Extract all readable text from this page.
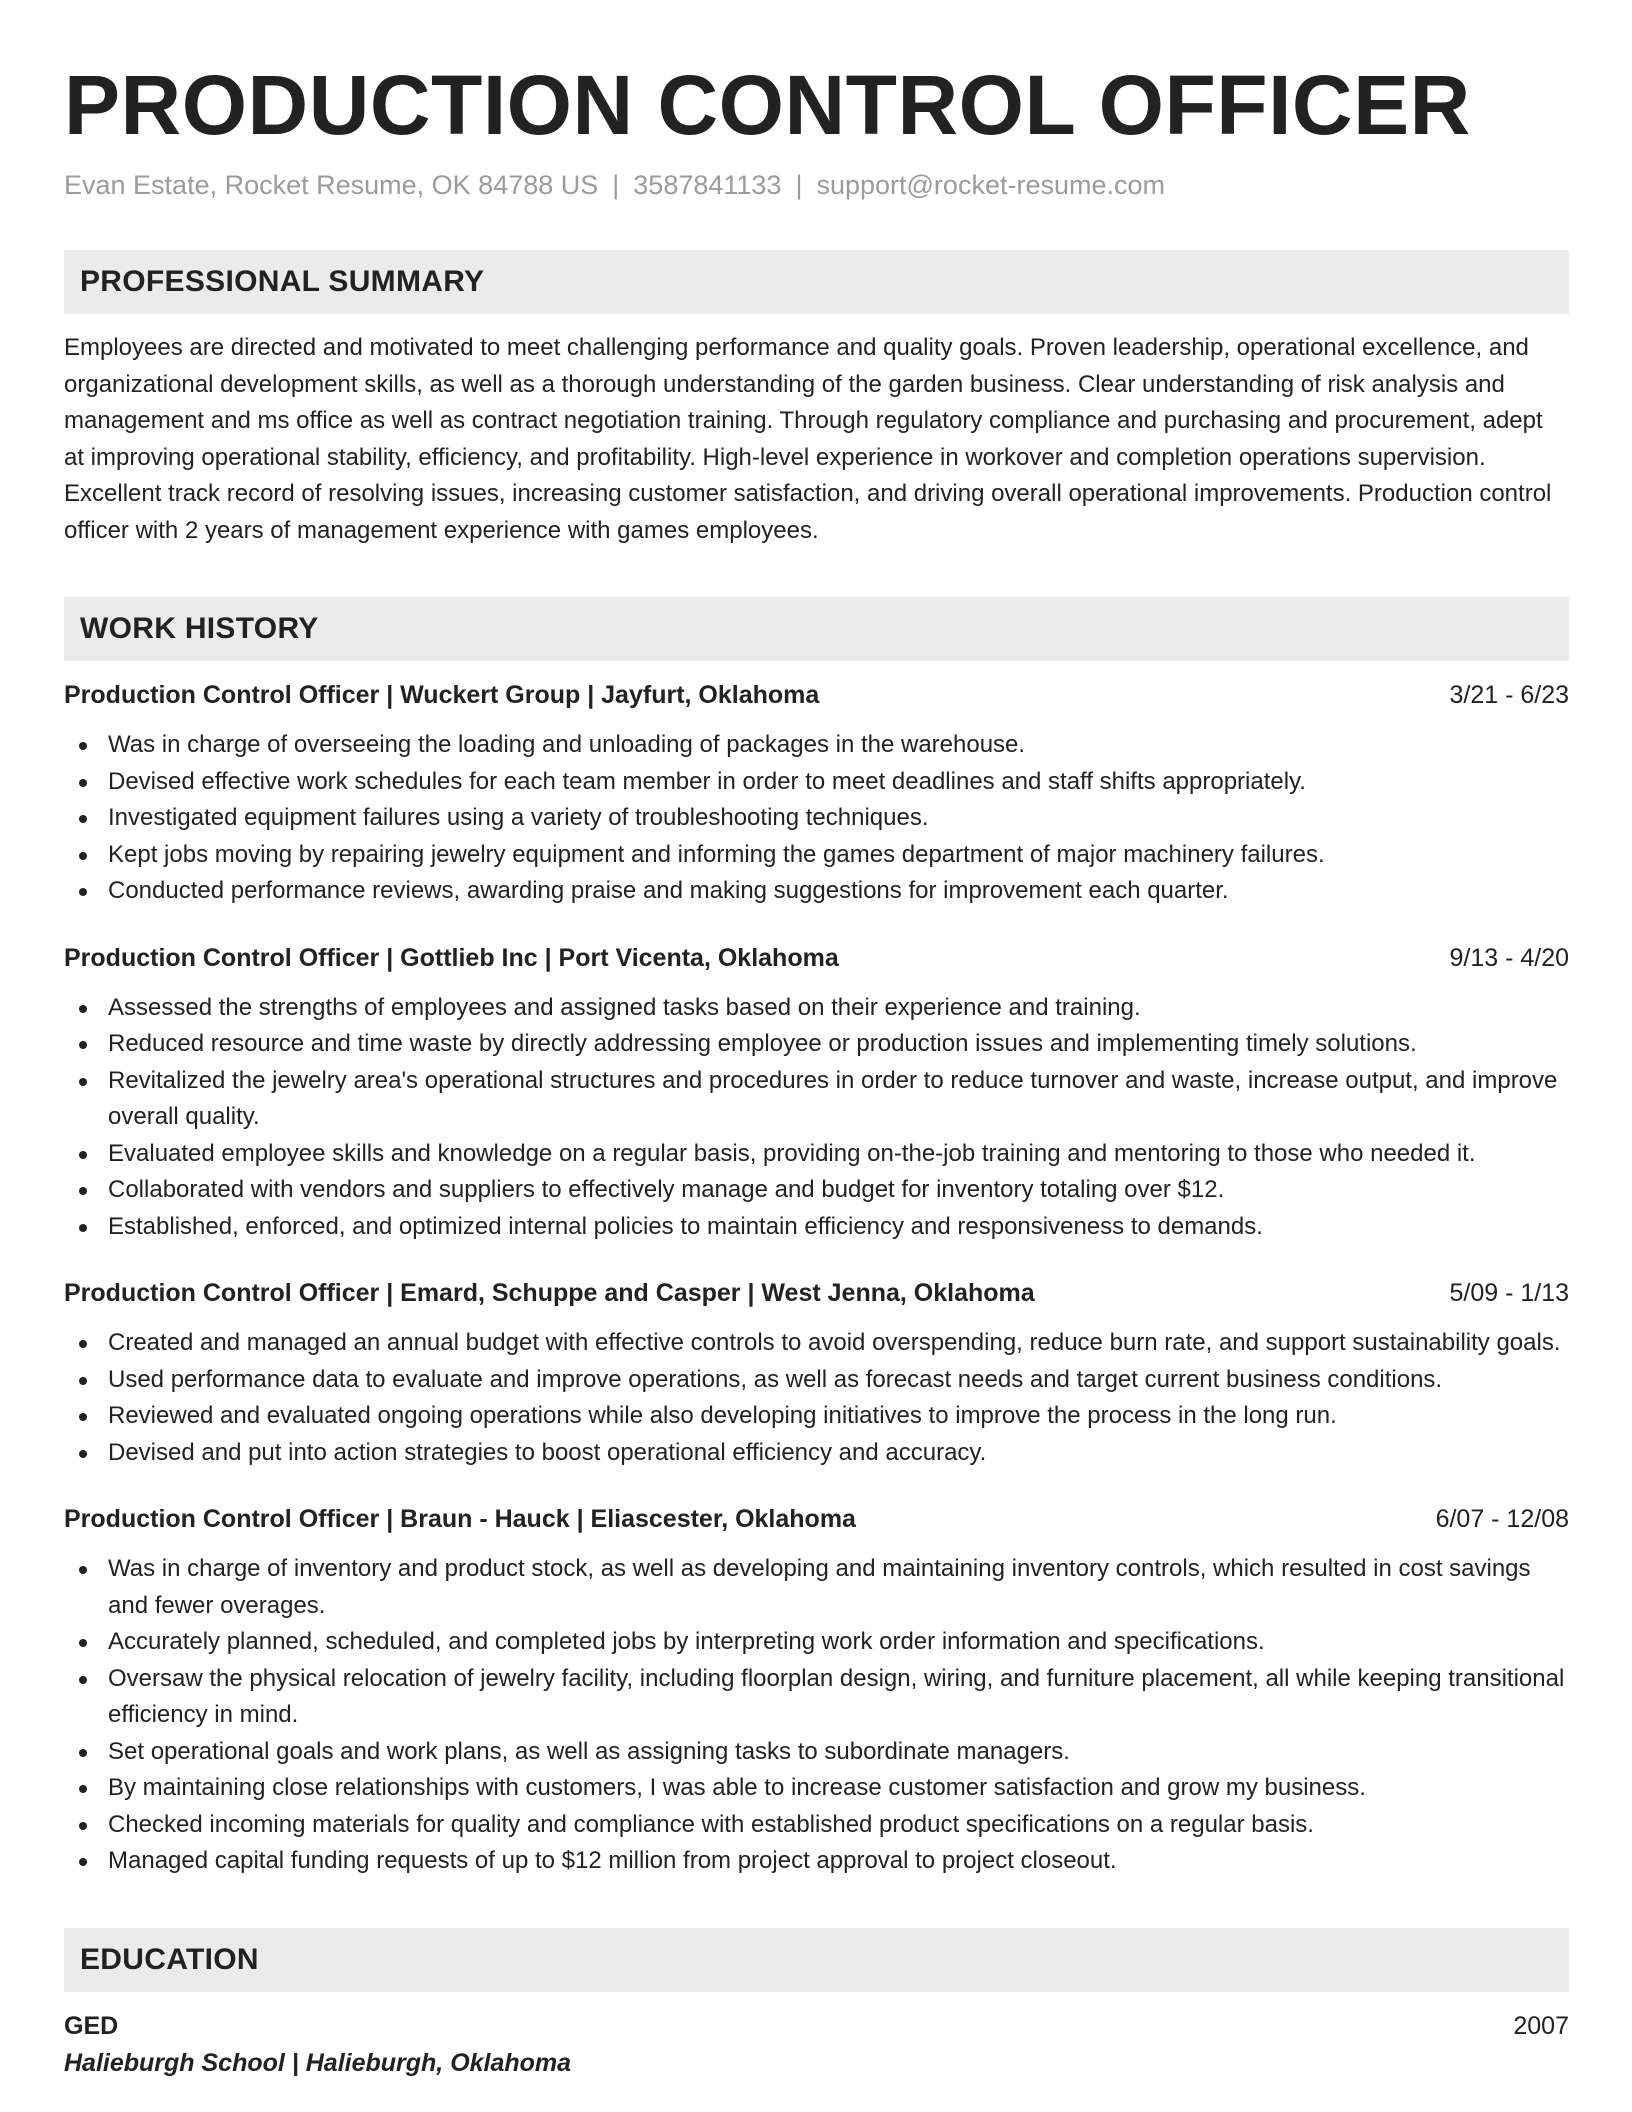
PRODUCTION CONTROL OFFICER
Evan Estate, Rocket Resume, OK 84788 US | 3587841133 | support@rocket-resume.com
PROFESSIONAL SUMMARY

Employees are directed and motivated to meet challenging performance and quality goals. Proven leadership, operational excellence, and organizational development skills, as well as a thorough understanding of the garden business. Clear understanding of risk analysis and management and ms office as well as contract negotiation training. Through regulatory compliance and purchasing and procurement, adept at improving operational stability, efficiency, and profitability. High-level experience in workover and completion operations supervision. Excellent track record of resolving issues, increasing customer satisfaction, and driving overall operational improvements. Production control officer with 2 years of management experience with games employees.

WORK HISTORY
Production Control Officer | Wuckert Group | Jayfurt, Oklahoma	3/21 - 6/23
Was in charge of overseeing the loading and unloading of packages in the warehouse.
Devised effective work schedules for each team member in order to meet deadlines and staff shifts appropriately.
Investigated equipment failures using a variety of troubleshooting techniques.
Kept jobs moving by repairing jewelry equipment and informing the games department of major machinery failures.
Conducted performance reviews, awarding praise and making suggestions for improvement each quarter.
Production Control Officer | Gottlieb Inc | Port Vicenta, Oklahoma	9/13 - 4/20
Assessed the strengths of employees and assigned tasks based on their experience and training.
Reduced resource and time waste by directly addressing employee or production issues and implementing timely solutions.
Revitalized the jewelry area's operational structures and procedures in order to reduce turnover and waste, increase output, and improve overall quality.
Evaluated employee skills and knowledge on a regular basis, providing on-the-job training and mentoring to those who needed it.
Collaborated with vendors and suppliers to effectively manage and budget for inventory totaling over $12.
Established, enforced, and optimized internal policies to maintain efficiency and responsiveness to demands.
Production Control Officer | Emard, Schuppe and Casper | West Jenna, Oklahoma	5/09 - 1/13
Created and managed an annual budget with effective controls to avoid overspending, reduce burn rate, and support sustainability goals.
Used performance data to evaluate and improve operations, as well as forecast needs and target current business conditions.
Reviewed and evaluated ongoing operations while also developing initiatives to improve the process in the long run.
Devised and put into action strategies to boost operational efficiency and accuracy.
Production Control Officer | Braun - Hauck | Eliascester, Oklahoma	6/07 - 12/08
Was in charge of inventory and product stock, as well as developing and maintaining inventory controls, which resulted in cost savings and fewer overages.
Accurately planned, scheduled, and completed jobs by interpreting work order information and specifications.
Oversaw the physical relocation of jewelry facility, including floorplan design, wiring, and furniture placement, all while keeping transitional efficiency in mind.
Set operational goals and work plans, as well as assigning tasks to subordinate managers.
By maintaining close relationships with customers, I was able to increase customer satisfaction and grow my business.
Checked incoming materials for quality and compliance with established product specifications on a regular basis.
Managed capital funding requests of up to $12 million from project approval to project closeout.
EDUCATION
GED	2007
Halieburgh School | Halieburgh, Oklahoma
